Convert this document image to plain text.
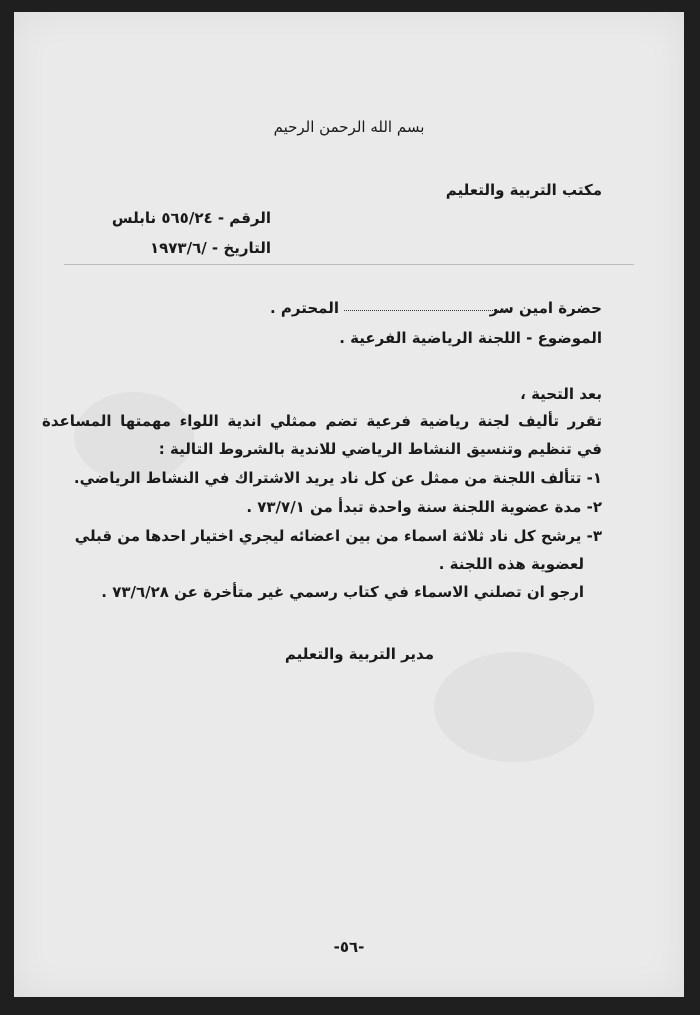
بسم الله الرحمن الرحيم
مكتب التربية والتعليم
الرقم - ٥٦٥/٢٤ نابلس
التاريخ - /١٩٧٣/٦
حضرة امين سر
المحترم .
الموضوع - اللجنة الرياضية الفرعية .
بعد التحية ،
تقرر تأليف لجنة رياضية فرعية تضم ممثلي اندية اللواء مهمتها المساعدة
في تنظيم وتنسيق النشاط الرياضي للاندية بالشروط التالية :
١- تتألف اللجنة من ممثل عن كل ناد يريد الاشتراك في النشاط الرياضي.
٢- مدة عضوية اللجنة سنة واحدة تبدأ من ٧٣/٧/١ .
٣- يرشح كل ناد ثلاثة اسماء من بين اعضائه ليجري اختيار احدها من قبلي
لعضوية هذه اللجنة .
ارجو ان تصلني الاسماء في كتاب رسمي غير متأخرة عن ٧٣/٦/٢٨ .
مدير التربية والتعليم
-٥٦-
